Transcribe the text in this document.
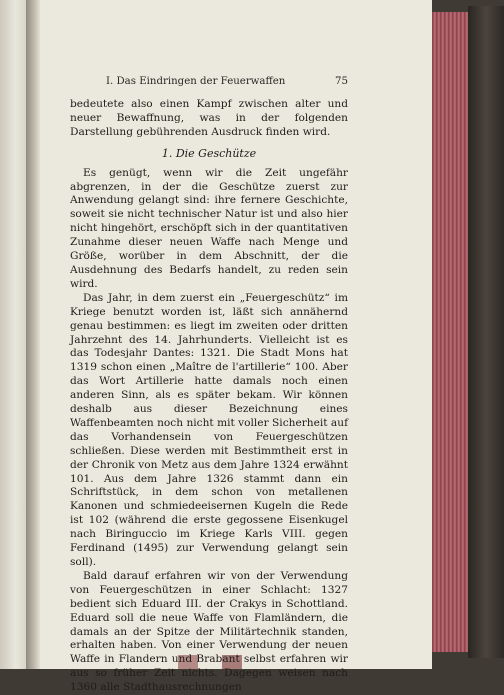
I. Das Eindringen der Feuerwaffen	75

bedeutete also einen Kampf zwischen alter und neuer Bewaffnung, was in der folgenden Darstellung gebührenden Ausdruck finden wird.

1. Die Geschütze

Es genügt, wenn wir die Zeit ungefähr abgrenzen, in der die Geschütze zuerst zur Anwendung gelangt sind: ihre fernere Geschichte, soweit sie nicht technischer Natur ist und also hier nicht hingehört, erschöpft sich in der quantitativen Zunahme dieser neuen Waffe nach Menge und Größe, worüber in dem Abschnitt, der die Ausdehnung des Bedarfs handelt, zu reden sein wird.

Das Jahr, in dem zuerst ein „Feuergeschütz“ im Kriege benutzt worden ist, läßt sich annähernd genau bestimmen: es liegt im zweiten oder dritten Jahrzehnt des 14. Jahrhunderts. Vielleicht ist es das Todesjahr Dantes: 1321. Die Stadt Mons hat 1319 schon einen „Maître de l'artillerie“ 100. Aber das Wort Artillerie hatte damals noch einen anderen Sinn, als es später bekam. Wir können deshalb aus dieser Bezeichnung eines Waffenbeamten noch nicht mit voller Sicherheit auf das Vorhandensein von Feuergeschützen schließen. Diese werden mit Bestimmtheit erst in der Chronik von Metz aus dem Jahre 1324 erwähnt 101. Aus dem Jahre 1326 stammt dann ein Schriftstück, in dem schon von metallenen Kanonen und schmiedeeisernen Kugeln die Rede ist 102 (während die erste gegossene Eisenkugel nach Biringuccio im Kriege Karls VIII. gegen Ferdinand (1495) zur Verwendung gelangt sein soll).

Bald darauf erfahren wir von der Verwendung von Feuergeschützen in einer Schlacht: 1327 bedient sich Eduard III. der Crakys in Schottland. Eduard soll die neue Waffe von Flamländern, die damals an der Spitze der Militärtechnik standen, erhalten haben. Von einer Verwendung der neuen Waffe in Flandern und Brabant selbst erfahren wir aus so früher Zeit nichts. Dagegen weisen nach 1360 alle Stadthausrechnungen
